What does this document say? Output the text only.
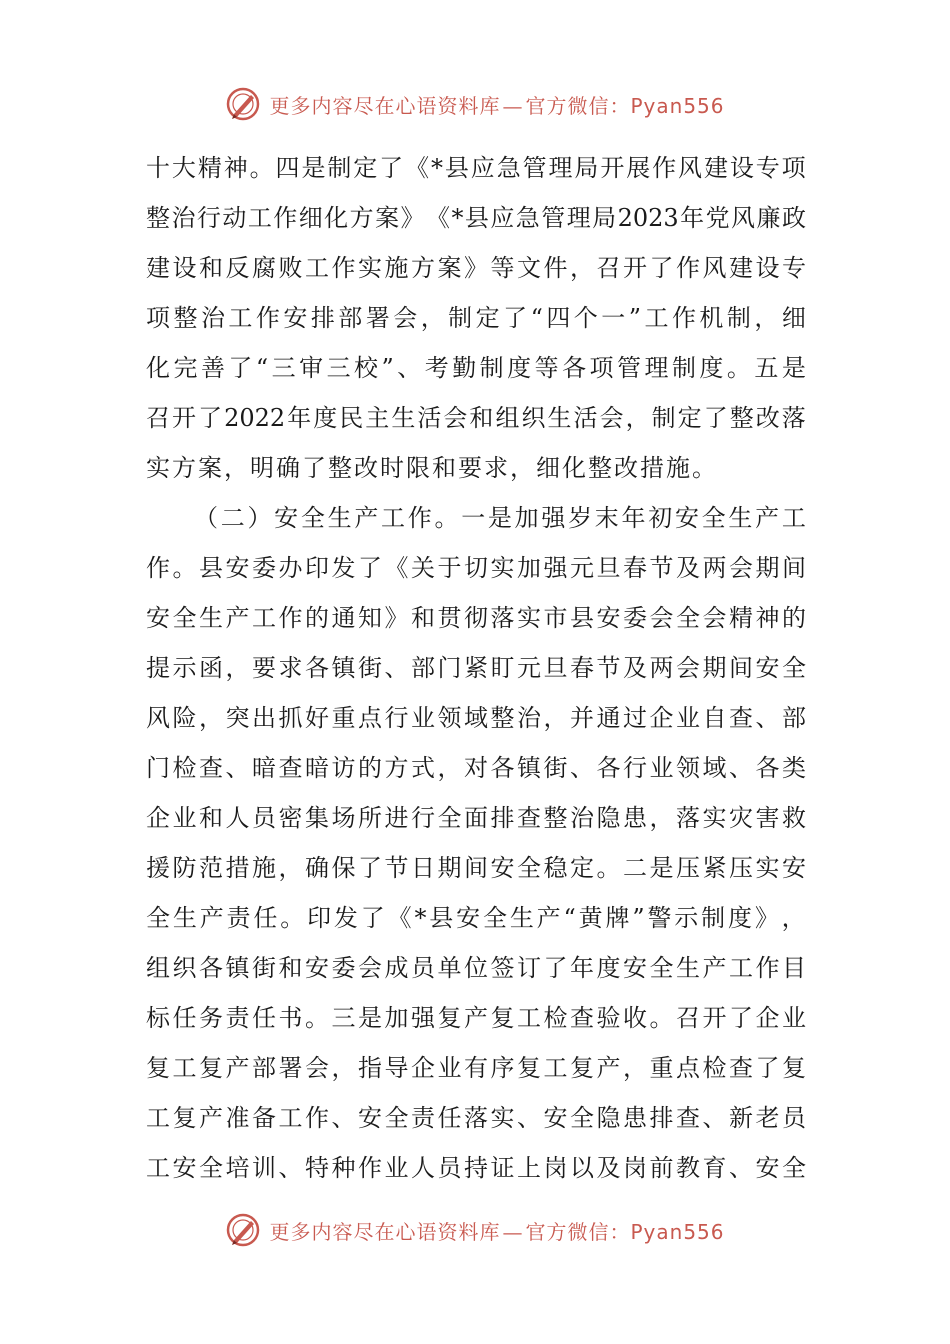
更多内容尽在心语资料库 — 官方微信：Pyan556
十 大 精 神 。 四 是 制 定 了 《 * 县 应 急 管 理 局 开 展 作 风 建 设 专 项
整 治 行 动 工 作 细 化 方 案 》 《 * 县 应 急 管 理 局 2023 年 党 风 廉 政
建 设 和 反 腐 败 工 作 实 施 方 案 》 等 文 件 ， 召 开 了 作 风 建 设 专
项 整 治 工 作 安 排 部 署 会 ， 制 定 了 “ 四 个 一 ” 工 作 机 制 ， 细
化 完 善 了 “ 三 审 三 校 ” 、 考 勤 制 度 等 各 项 管 理 制 度 。 五 是
召 开 了 2022 年 度 民 主 生 活 会 和 组 织 生 活 会 ， 制 定 了 整 改 落
实方案，明确了整改时限和要求，细化整改措施。
（ 二 ） 安 全 生 产 工 作 。 一 是 加 强 岁 末 年 初 安 全 生 产 工
作 。 县 安 委 办 印 发 了 《 关 于 切 实 加 强 元 旦 春 节 及 两 会 期 间
安 全 生 产 工 作 的 通 知 》 和 贯 彻 落 实 市 县 安 委 会 全 会 精 神 的
提 示 函 ， 要 求 各 镇 街 、 部 门 紧 盯 元 旦 春 节 及 两 会 期 间 安 全
风 险 ， 突 出 抓 好 重 点 行 业 领 域 整 治 ， 并 通 过 企 业 自 查 、 部
门 检 查 、 暗 查 暗 访 的 方 式 ， 对 各 镇 街 、 各 行 业 领 域 、 各 类
企 业 和 人 员 密 集 场 所 进 行 全 面 排 查 整 治 隐 患 ， 落 实 灾 害 救
援 防 范 措 施 ， 确 保 了 节 日 期 间 安 全 稳 定 。 二 是 压 紧 压 实 安
全 生 产 责 任 。 印 发 了 《 * 县 安 全 生 产 “ 黄 牌 ” 警 示 制 度 》 ，
组 织 各 镇 街 和 安 委 会 成 员 单 位 签 订 了 年 度 安 全 生 产 工 作 目
标 任 务 责 任 书 。 三 是 加 强 复 产 复 工 检 查 验 收 。 召 开 了 企 业
复 工 复 产 部 署 会 ， 指 导 企 业 有 序 复 工 复 产 ， 重 点 检 查 了 复
工 复 产 准 备 工 作 、 安 全 责 任 落 实 、 安 全 隐 患 排 查 、 新 老 员
工 安 全 培 训 、 特 种 作 业 人 员 持 证 上 岗 以 及 岗 前 教 育 、 安 全
更多内容尽在心语资料库 — 官方微信：Pyan556
